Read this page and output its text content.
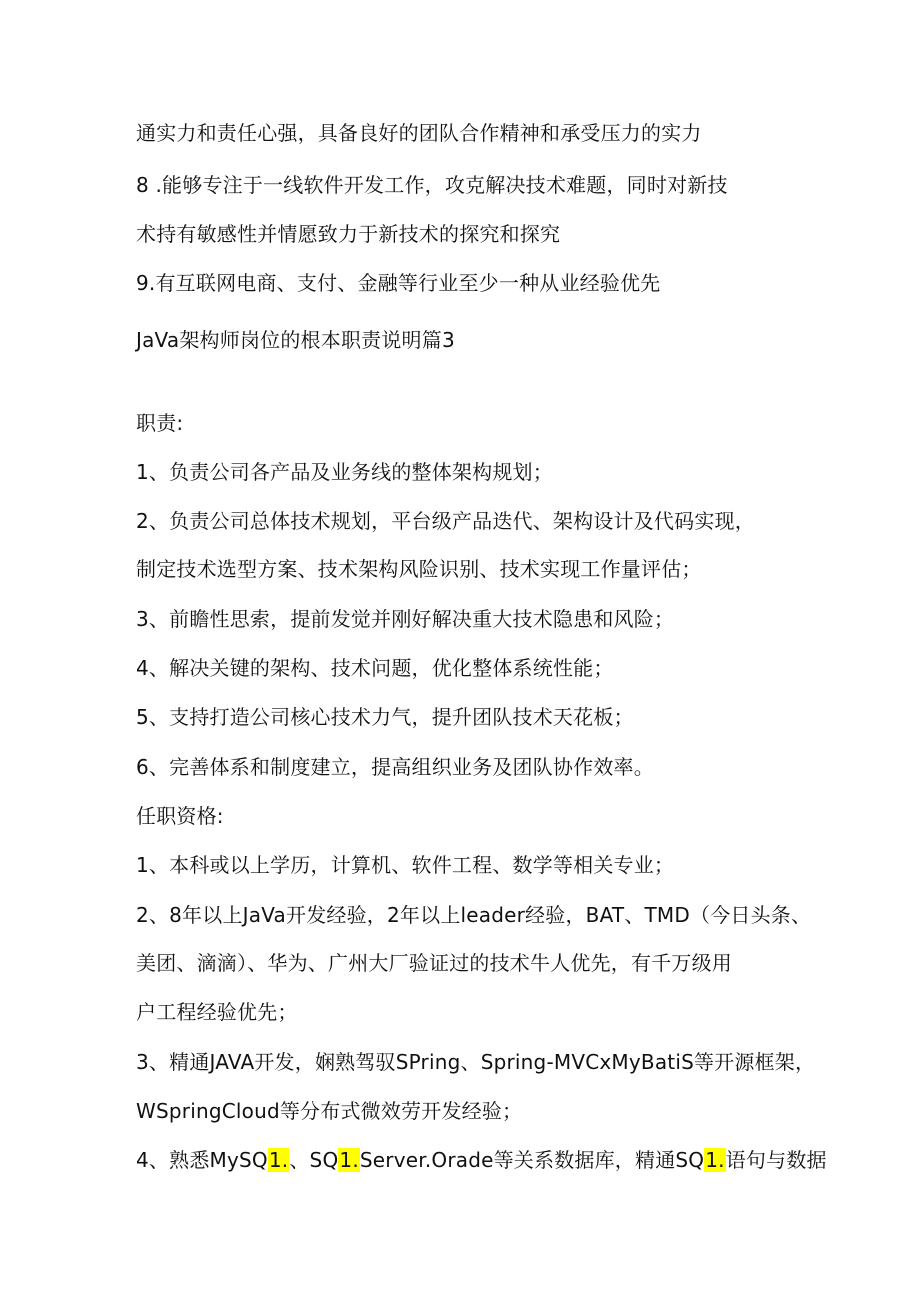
通实力和责任心强，具备良好的团队合作精神和承受压力的实力
8 .能够专注于一线软件开发工作，攻克解决技术难题，同时对新技
术持有敏感性并情愿致力于新技术的探究和探究
9.有互联网电商、支付、金融等行业至少一种从业经验优先
JaVa架构师岗位的根本职责说明篇3
职责:
1、负责公司各产品及业务线的整体架构规划；
2、负责公司总体技术规划，平台级产品迭代、架构设计及代码实现，
制定技术选型方案、技术架构风险识别、技术实现工作量评估；
3、前瞻性思索，提前发觉并刚好解决重大技术隐患和风险；
4、解决关键的架构、技术问题，优化整体系统性能；
5、支持打造公司核心技术力气，提升团队技术天花板；
6、完善体系和制度建立，提高组织业务及团队协作效率。
任职资格:
1、本科或以上学历，计算机、软件工程、数学等相关专业；
2、8年以上JaVa开发经验，2年以上leader经验，BAT、TMD（今日头条、
美团、滴滴）、华为、广州大厂验证过的技术牛人优先，有千万级用
户工程经验优先；
3、精通JAVA开发，娴熟驾驭SPring、Spring-MVCxMyBatiS等开源框架，
WSpringCloud等分布式微效劳开发经验；
4、熟悉MySQ1.、SQ1.Server.Orade等关系数据库，精通SQ1.语句与数据
